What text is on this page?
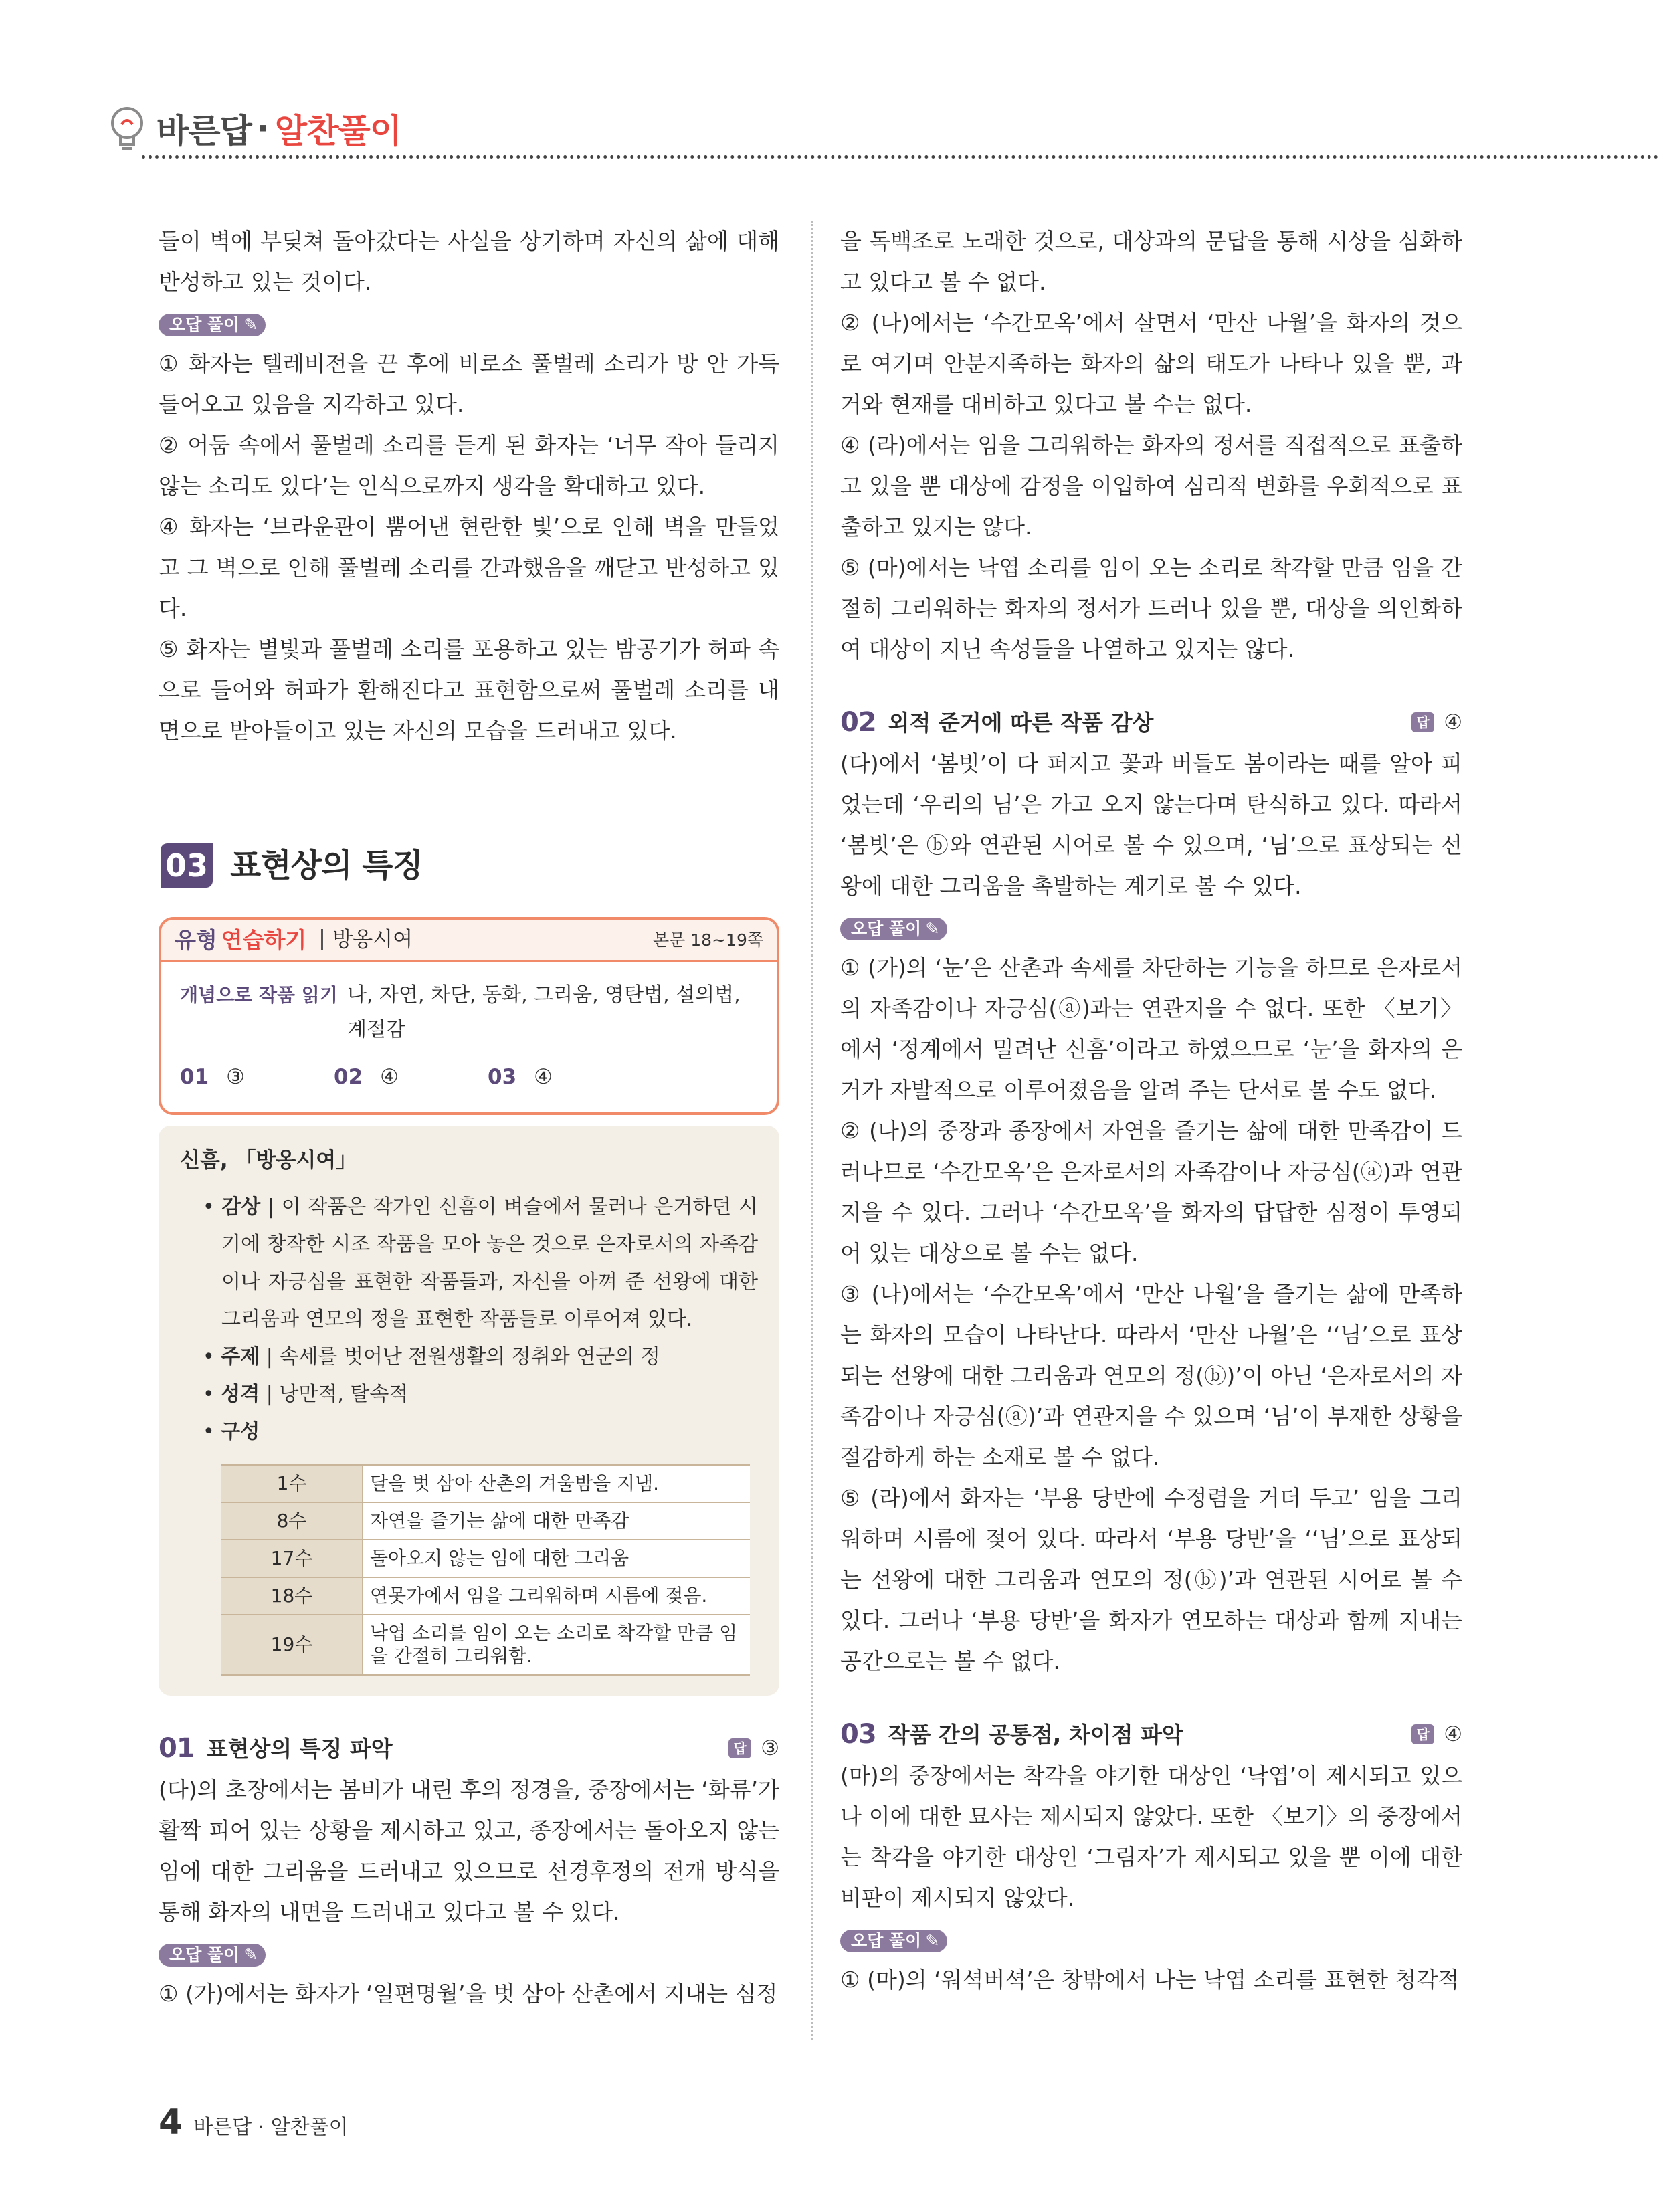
바른답 · 알찬풀이

들이 벽에 부딪쳐 돌아갔다는 사실을 상기하며 자신의 삶에 대해 반성하고 있는 것이다.

오답 풀이 ✎

① 화자는 텔레비전을 끈 후에 비로소 풀벌레 소리가 방 안 가득 들어오고 있음을 지각하고 있다.

② 어둠 속에서 풀벌레 소리를 듣게 된 화자는 ‘너무 작아 들리지 않는 소리도 있다’는 인식으로까지 생각을 확대하고 있다.

④ 화자는 ‘브라운관이 뿜어낸 현란한 빛’으로 인해 벽을 만들었고 그 벽으로 인해 풀벌레 소리를 간과했음을 깨닫고 반성하고 있다.

⑤ 화자는 별빛과 풀벌레 소리를 포용하고 있는 밤공기가 허파 속으로 들어와 허파가 환해진다고 표현함으로써 풀벌레 소리를 내면으로 받아들이고 있는 자신의 모습을 드러내고 있다.

03 표현상의 특징
유형 연습하기	방옹시여	본문 18~19쪽
개념으로 작품 읽기 나, 자연, 차단, 동화, 그리움, 영탄법, 설의법, 계절감
01 ③	02 ④	03 ④
신흠, 「방옹시여」
• 감상 | 이 작품은 작가인 신흠이 벼슬에서 물러나 은거하던 시기에 창작한 시조 작품을 모아 놓은 것으로 은자로서의 자족감이나 자긍심을 표현한 작품들과, 자신을 아껴 준 선왕에 대한 그리움과 연모의 정을 표현한 작품들로 이루어져 있다.
• 주제 | 속세를 벗어난 전원생활의 정취와 연군의 정
• 성격 | 낭만적, 탈속적
• 구성
1수	달을 벗 삼아 산촌의 겨울밤을 지냄.
8수	자연을 즐기는 삶에 대한 만족감
17수	돌아오지 않는 임에 대한 그리움
18수	연못가에서 임을 그리워하며 시름에 젖음.
19수	낙엽 소리를 임이 오는 소리로 착각할 만큼 임을 간절히 그리워함.
01 표현상의 특징 파악	답 ③

(다)의 초장에서는 봄비가 내린 후의 정경을, 중장에서는 ‘화류’가 활짝 피어 있는 상황을 제시하고 있고, 종장에서는 돌아오지 않는 임에 대한 그리움을 드러내고 있으므로 선경후정의 전개 방식을 통해 화자의 내면을 드러내고 있다고 볼 수 있다.

오답 풀이 ✎

① (가)에서는 화자가 ‘일편명월’을 벗 삼아 산촌에서 지내는 심정

을 독백조로 노래한 것으로, 대상과의 문답을 통해 시상을 심화하고 있다고 볼 수 없다.

② (나)에서는 ‘수간모옥’에서 살면서 ‘만산 나월’을 화자의 것으로 여기며 안분지족하는 화자의 삶의 태도가 나타나 있을 뿐, 과거와 현재를 대비하고 있다고 볼 수는 없다.

④ (라)에서는 임을 그리워하는 화자의 정서를 직접적으로 표출하고 있을 뿐 대상에 감정을 이입하여 심리적 변화를 우회적으로 표출하고 있지는 않다.

⑤ (마)에서는 낙엽 소리를 임이 오는 소리로 착각할 만큼 임을 간절히 그리워하는 화자의 정서가 드러나 있을 뿐, 대상을 의인화하여 대상이 지닌 속성들을 나열하고 있지는 않다.

02 외적 준거에 따른 작품 감상	답 ④

(다)에서 ‘봄빗’이 다 퍼지고 꽃과 버들도 봄이라는 때를 알아 피었는데 ‘우리의 님’은 가고 오지 않는다며 탄식하고 있다. 따라서 ‘봄빗’은 ⓑ와 연관된 시어로 볼 수 있으며, ‘님’으로 표상되는 선왕에 대한 그리움을 촉발하는 계기로 볼 수 있다.

오답 풀이 ✎

① (가)의 ‘눈’은 산촌과 속세를 차단하는 기능을 하므로 은자로서의 자족감이나 자긍심(ⓐ)과는 연관지을 수 없다. 또한 〈보기〉에서 ‘정계에서 밀려난 신흠’이라고 하였으므로 ‘눈’을 화자의 은거가 자발적으로 이루어졌음을 알려 주는 단서로 볼 수도 없다.

② (나)의 중장과 종장에서 자연을 즐기는 삶에 대한 만족감이 드러나므로 ‘수간모옥’은 은자로서의 자족감이나 자긍심(ⓐ)과 연관지을 수 있다. 그러나 ‘수간모옥’을 화자의 답답한 심정이 투영되어 있는 대상으로 볼 수는 없다.

③ (나)에서는 ‘수간모옥’에서 ‘만산 나월’을 즐기는 삶에 만족하는 화자의 모습이 나타난다. 따라서 ‘만산 나월’은 ‘‘님’으로 표상되는 선왕에 대한 그리움과 연모의 정(ⓑ)’이 아닌 ‘은자로서의 자족감이나 자긍심(ⓐ)’과 연관지을 수 있으며 ‘님’이 부재한 상황을 절감하게 하는 소재로 볼 수 없다.

⑤ (라)에서 화자는 ‘부용 당반에 수정렴을 거더 두고’ 임을 그리워하며 시름에 젖어 있다. 따라서 ‘부용 당반’을 ‘‘님’으로 표상되는 선왕에 대한 그리움과 연모의 정(ⓑ)’과 연관된 시어로 볼 수 있다. 그러나 ‘부용 당반’을 화자가 연모하는 대상과 함께 지내는 공간으로는 볼 수 없다.

03 작품 간의 공통점, 차이점 파악	답 ④

(마)의 중장에서는 착각을 야기한 대상인 ‘낙엽’이 제시되고 있으나 이에 대한 묘사는 제시되지 않았다. 또한 〈보기〉의 중장에서는 착각을 야기한 대상인 ‘그림자’가 제시되고 있을 뿐 이에 대한 비판이 제시되지 않았다.

오답 풀이 ✎

① (마)의 ‘워셕버셕’은 창밖에서 나는 낙엽 소리를 표현한 청각적

4 바른답 · 알찬풀이
